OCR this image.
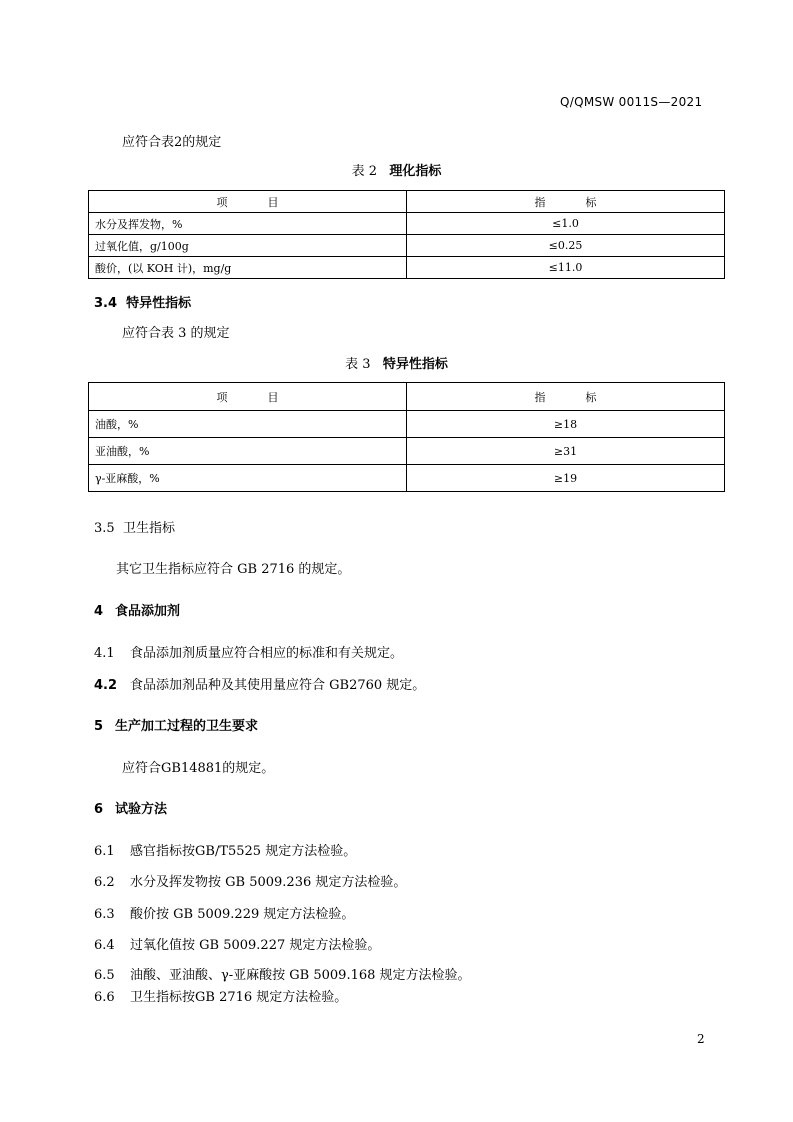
Q/QMSW 0011S—2021
应符合表2的规定
表 2 理化指标
项 目	指 标
水分及挥发物，%	≤1.0
过氧化值，g/100g	≤0.25
酸价，(以 KOH 计)，mg/g	≤11.0
3.4 特异性指标
应符合表 3 的规定
表 3 特异性指标
项 目	指 标
油酸，%	≥18
亚油酸，%	≥31
γ-亚麻酸，%	≥19
3.5 卫生指标
其它卫生指标应符合 GB 2716 的规定。
4 食品添加剂
4.1 食品添加剂质量应符合相应的标准和有关规定。
4.2 食品添加剂品种及其使用量应符合 GB2760 规定。
5 生产加工过程的卫生要求
应符合GB14881的规定。
6 试验方法
6.1 感官指标按GB/T5525 规定方法检验。
6.2 水分及挥发物按 GB 5009.236 规定方法检验。
6.3 酸价按 GB 5009.229 规定方法检验。
6.4 过氧化值按 GB 5009.227 规定方法检验。
6.5 油酸、亚油酸、γ-亚麻酸按 GB 5009.168 规定方法检验。
6.6 卫生指标按GB 2716 规定方法检验。
2
